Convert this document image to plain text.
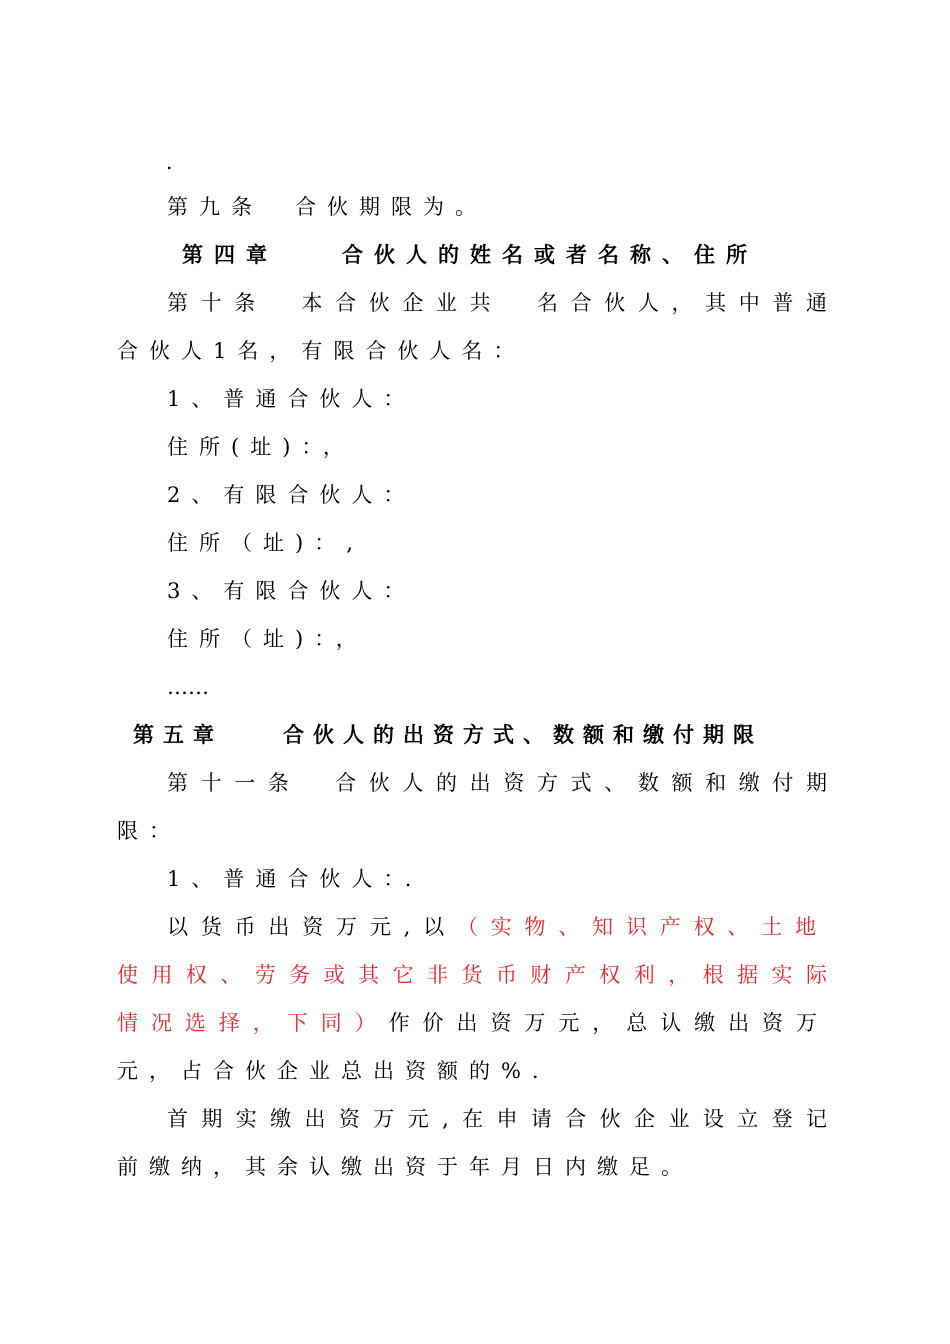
.
第九条　合伙期限为。
第四章　　合伙人的姓名或者名称、住所
第十条　本合伙企业共　名合伙人，其中普通
合伙人1名，有限合伙人名：
1、普通合伙人：
住所(址)：，
2、有限合伙人：
住所（址)：,
3、有限合伙人：
住所（址)：，
……
第五章　　合伙人的出资方式、数额和缴付期限
第十一条　合伙人的出资方式、数额和缴付期
限：
1、普通合伙人：．
以货币出资万元,以（实物、知识产权、土地
使用权、劳务或其它非货币财产权利，根据实际
情况选择，下同）作价出资万元，总认缴出资万
元，占合伙企业总出资额的%．
首期实缴出资万元,在申请合伙企业设立登记
前缴纳，其余认缴出资于年月日内缴足。
